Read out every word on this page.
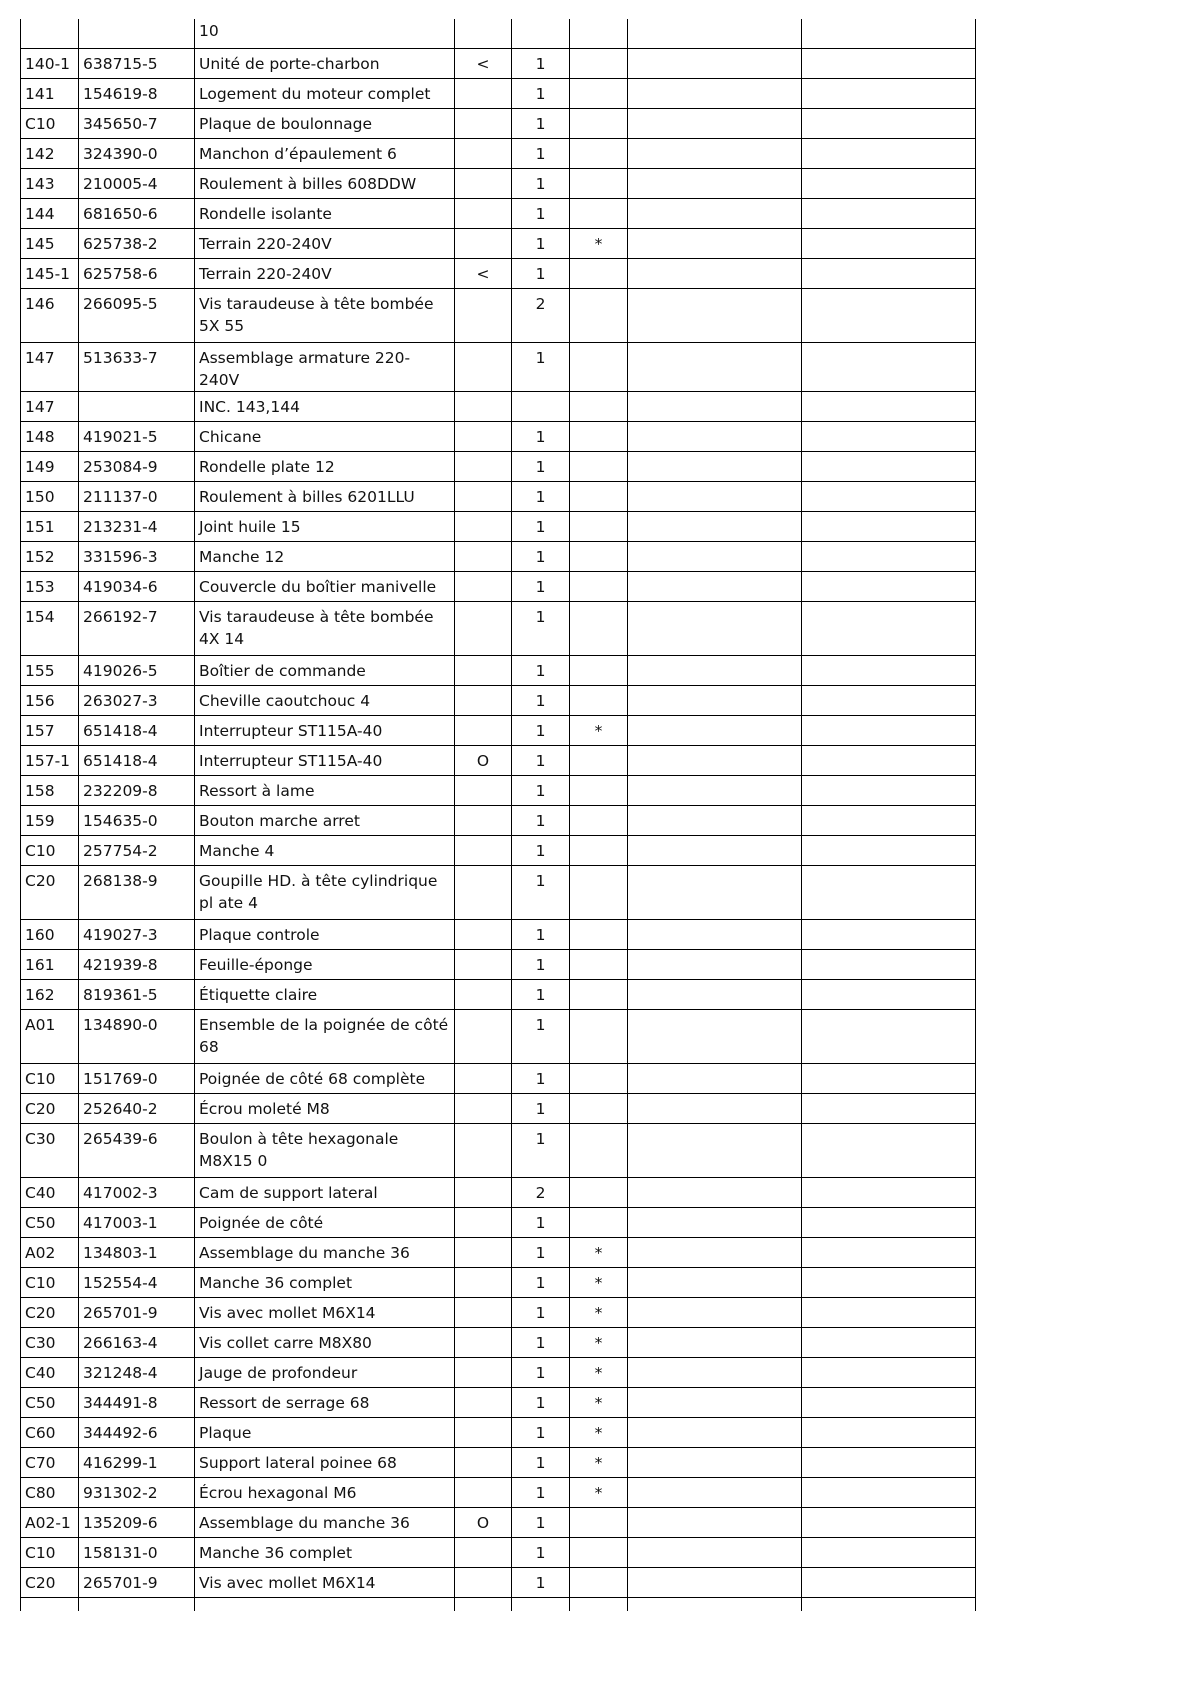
		10					
140-1	638715-5	Unité de porte-charbon	<	1			
141	154619-8	Logement du moteur complet		1			
C10	345650-7	Plaque de boulonnage		1			
142	324390-0	Manchon d’épaulement 6		1			
143	210005-4	Roulement à billes 608DDW		1			
144	681650-6	Rondelle isolante		1			
145	625738-2	Terrain 220-240V		1	*		
145-1	625758-6	Terrain 220-240V	<	1			
146	266095-5	Vis taraudeuse à tête bombée 5X 55		2			
147	513633-7	Assemblage armature 220-240V		1			
147		INC. 143,144					
148	419021-5	Chicane		1			
149	253084-9	Rondelle plate 12		1			
150	211137-0	Roulement à billes 6201LLU		1			
151	213231-4	Joint huile 15		1			
152	331596-3	Manche 12		1			
153	419034-6	Couvercle du boîtier manivelle		1			
154	266192-7	Vis taraudeuse à tête bombée 4X 14		1			
155	419026-5	Boîtier de commande		1			
156	263027-3	Cheville caoutchouc 4		1			
157	651418-4	Interrupteur ST115A-40		1	*		
157-1	651418-4	Interrupteur ST115A-40	O	1			
158	232209-8	Ressort à lame		1			
159	154635-0	Bouton marche arret		1			
C10	257754-2	Manche 4		1			
C20	268138-9	Goupille HD. à tête cylindrique pl ate 4		1			
160	419027-3	Plaque controle		1			
161	421939-8	Feuille-éponge		1			
162	819361-5	Étiquette claire		1			
A01	134890-0	Ensemble de la poignée de côté 68		1			
C10	151769-0	Poignée de côté 68 complète		1			
C20	252640-2	Écrou moleté M8		1			
C30	265439-6	Boulon à tête hexagonale M8X15 0		1			
C40	417002-3	Cam de support lateral		2			
C50	417003-1	Poignée de côté		1			
A02	134803-1	Assemblage du manche 36		1	*		
C10	152554-4	Manche 36 complet		1	*		
C20	265701-9	Vis avec mollet M6X14		1	*		
C30	266163-4	Vis collet carre M8X80		1	*		
C40	321248-4	Jauge de profondeur		1	*		
C50	344491-8	Ressort de serrage 68		1	*		
C60	344492-6	Plaque		1	*		
C70	416299-1	Support lateral poinee 68		1	*		
C80	931302-2	Écrou hexagonal M6		1	*		
A02-1	135209-6	Assemblage du manche 36	O	1			
C10	158131-0	Manche 36 complet		1			
C20	265701-9	Vis avec mollet M6X14		1			
